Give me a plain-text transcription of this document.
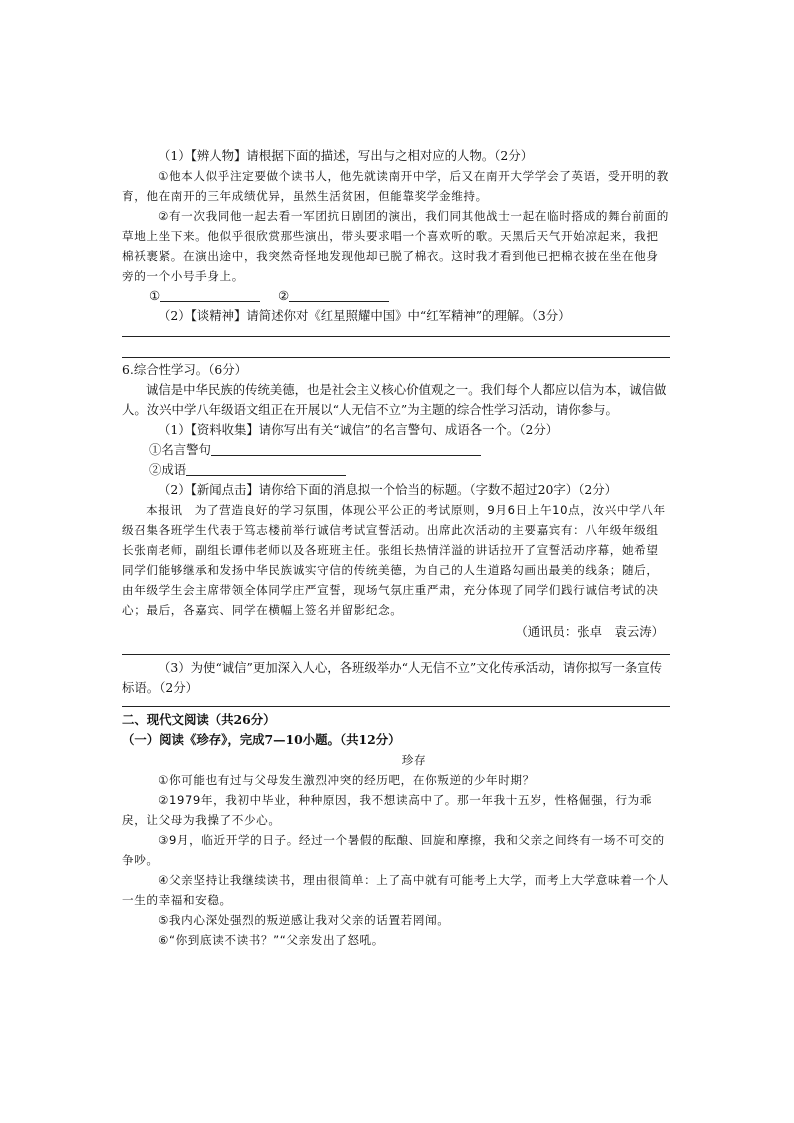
（1）【辨人物】请根据下面的描述，写出与之相对应的人物。（2分）

①他本人似乎注定要做个读书人，他先就读南开中学，后又在南开大学学会了英语，受开明的教育，他在南开的三年成绩优异，虽然生活贫困，但能靠奖学金维持。

②有一次我同他一起去看一军团抗日剧团的演出，我们同其他战士一起在临时搭成的舞台前面的草地上坐下来。他似乎很欣赏那些演出，带头要求唱一个喜欢听的歌。天黑后天气开始凉起来，我把棉袄裹紧。在演出途中，我突然奇怪地发现他却已脱了棉衣。这时我才看到他已把棉衣披在坐在他身旁的一个小号手身上。

①	②

（2）【谈精神】请简述你对《红星照耀中国》中“红军精神”的理解。（3分）

6.综合性学习。（6分）

诚信是中华民族的传统美德，也是社会主义核心价值观之一。我们每个人都应以信为本，诚信做人。汝兴中学八年级语文组正在开展以“人无信不立”为主题的综合性学习活动，请你参与。

（1）【资料收集】请你写出有关“诚信”的名言警句、成语各一个。（2分）

①名言警句

②成语

（2）【新闻点击】请你给下面的消息拟一个恰当的标题。（字数不超过20字）（2分）

本报讯　为了营造良好的学习氛围，体现公平公正的考试原则，9月6日上午10点，汝兴中学八年级召集各班学生代表于笃志楼前举行诚信考试宣誓活动。出席此次活动的主要嘉宾有：八年级年级组长张南老师，副组长谭伟老师以及各班班主任。张组长热情洋溢的讲话拉开了宣誓活动序幕，她希望同学们能够继承和发扬中华民族诚实守信的传统美德，为自己的人生道路勾画出最美的线条；随后，由年级学生会主席带领全体同学庄严宣誓，现场气氛庄重严肃，充分体现了同学们践行诚信考试的决心；最后，各嘉宾、同学在横幅上签名并留影纪念。

（通讯员：张卓　袁云涛）

（3）为使“诚信”更加深入人心，各班级举办“人无信不立”文化传承活动，请你拟写一条宣传标语。（2分）

二、现代文阅读（共26分）

（一）阅读《珍存》，完成7—10小题。（共12分）

珍存

①你可能也有过与父母发生激烈冲突的经历吧，在你叛逆的少年时期？

②1979年，我初中毕业，种种原因，我不想读高中了。那一年我十五岁，性格倔强，行为乖戾，让父母为我操了不少心。

③9月，临近开学的日子。经过一个暑假的酝酿、回旋和摩擦，我和父亲之间终有一场不可交的争吵。

④父亲坚持让我继续读书，理由很简单：上了高中就有可能考上大学，而考上大学意味着一个人一生的幸福和安稳。

⑤我内心深处强烈的叛逆感让我对父亲的话置若罔闻。

⑥“你到底读不读书？”“父亲发出了怒吼。
